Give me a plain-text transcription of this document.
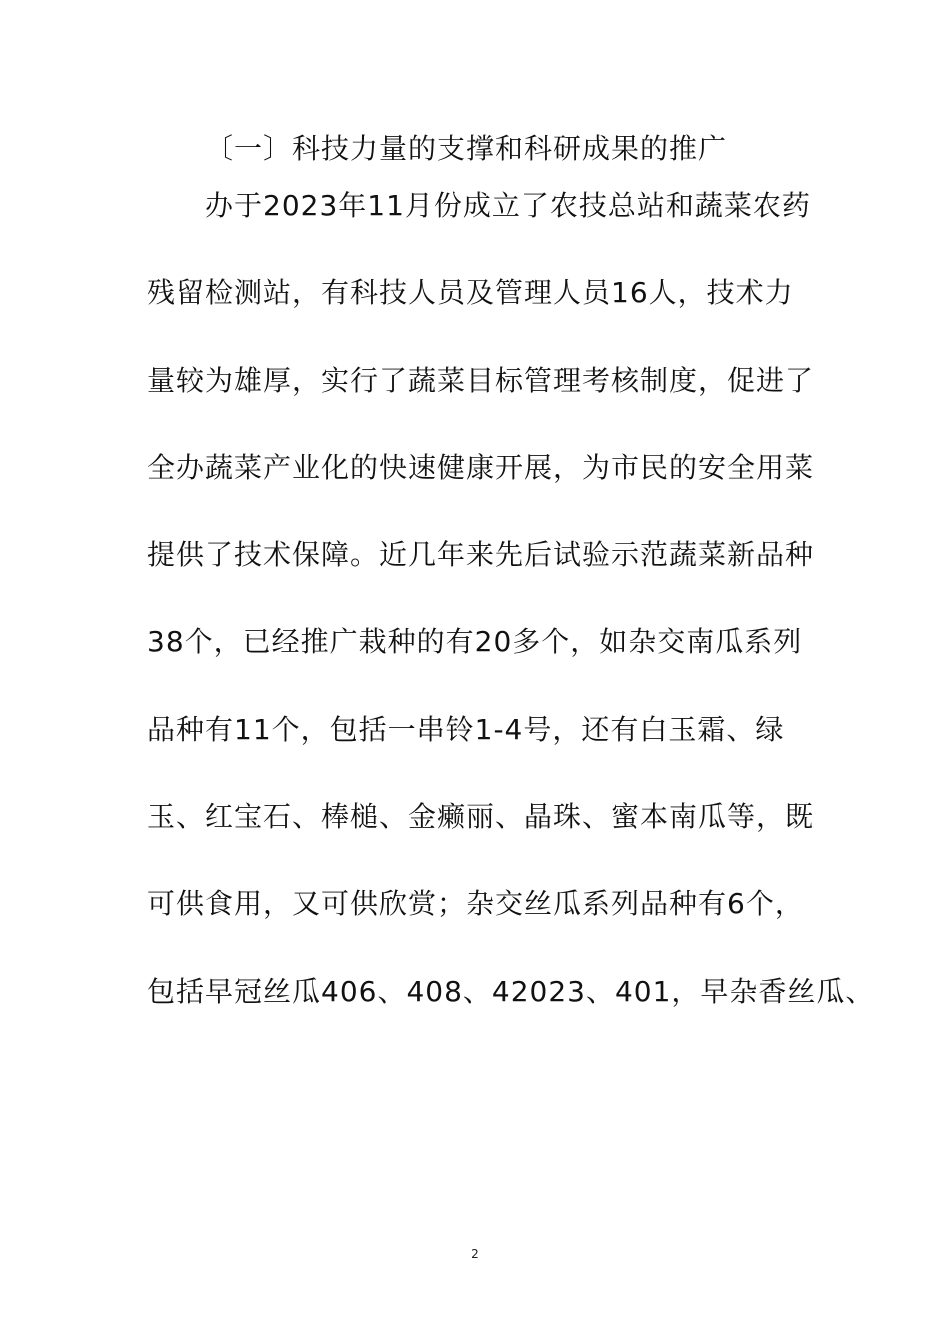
〔一〕科技力量的支撑和科研成果的推广
办于2023年11月份成立了农技总站和蔬菜农药
残留检测站，有科技人员及管理人员16人，技术力
量较为雄厚，实行了蔬菜目标管理考核制度，促进了
全办蔬菜产业化的快速健康开展，为市民的安全用菜
提供了技术保障。近几年来先后试验示范蔬菜新品种
38个，已经推广栽种的有20多个，如杂交南瓜系列
品种有11个，包括一串铃1-4号，还有白玉霜、绿
玉、红宝石、棒槌、金癞丽、晶珠、蜜本南瓜等，既
可供食用，又可供欣赏；杂交丝瓜系列品种有6个，
包括早冠丝瓜406、408、42023、401，早杂香丝瓜、
2
